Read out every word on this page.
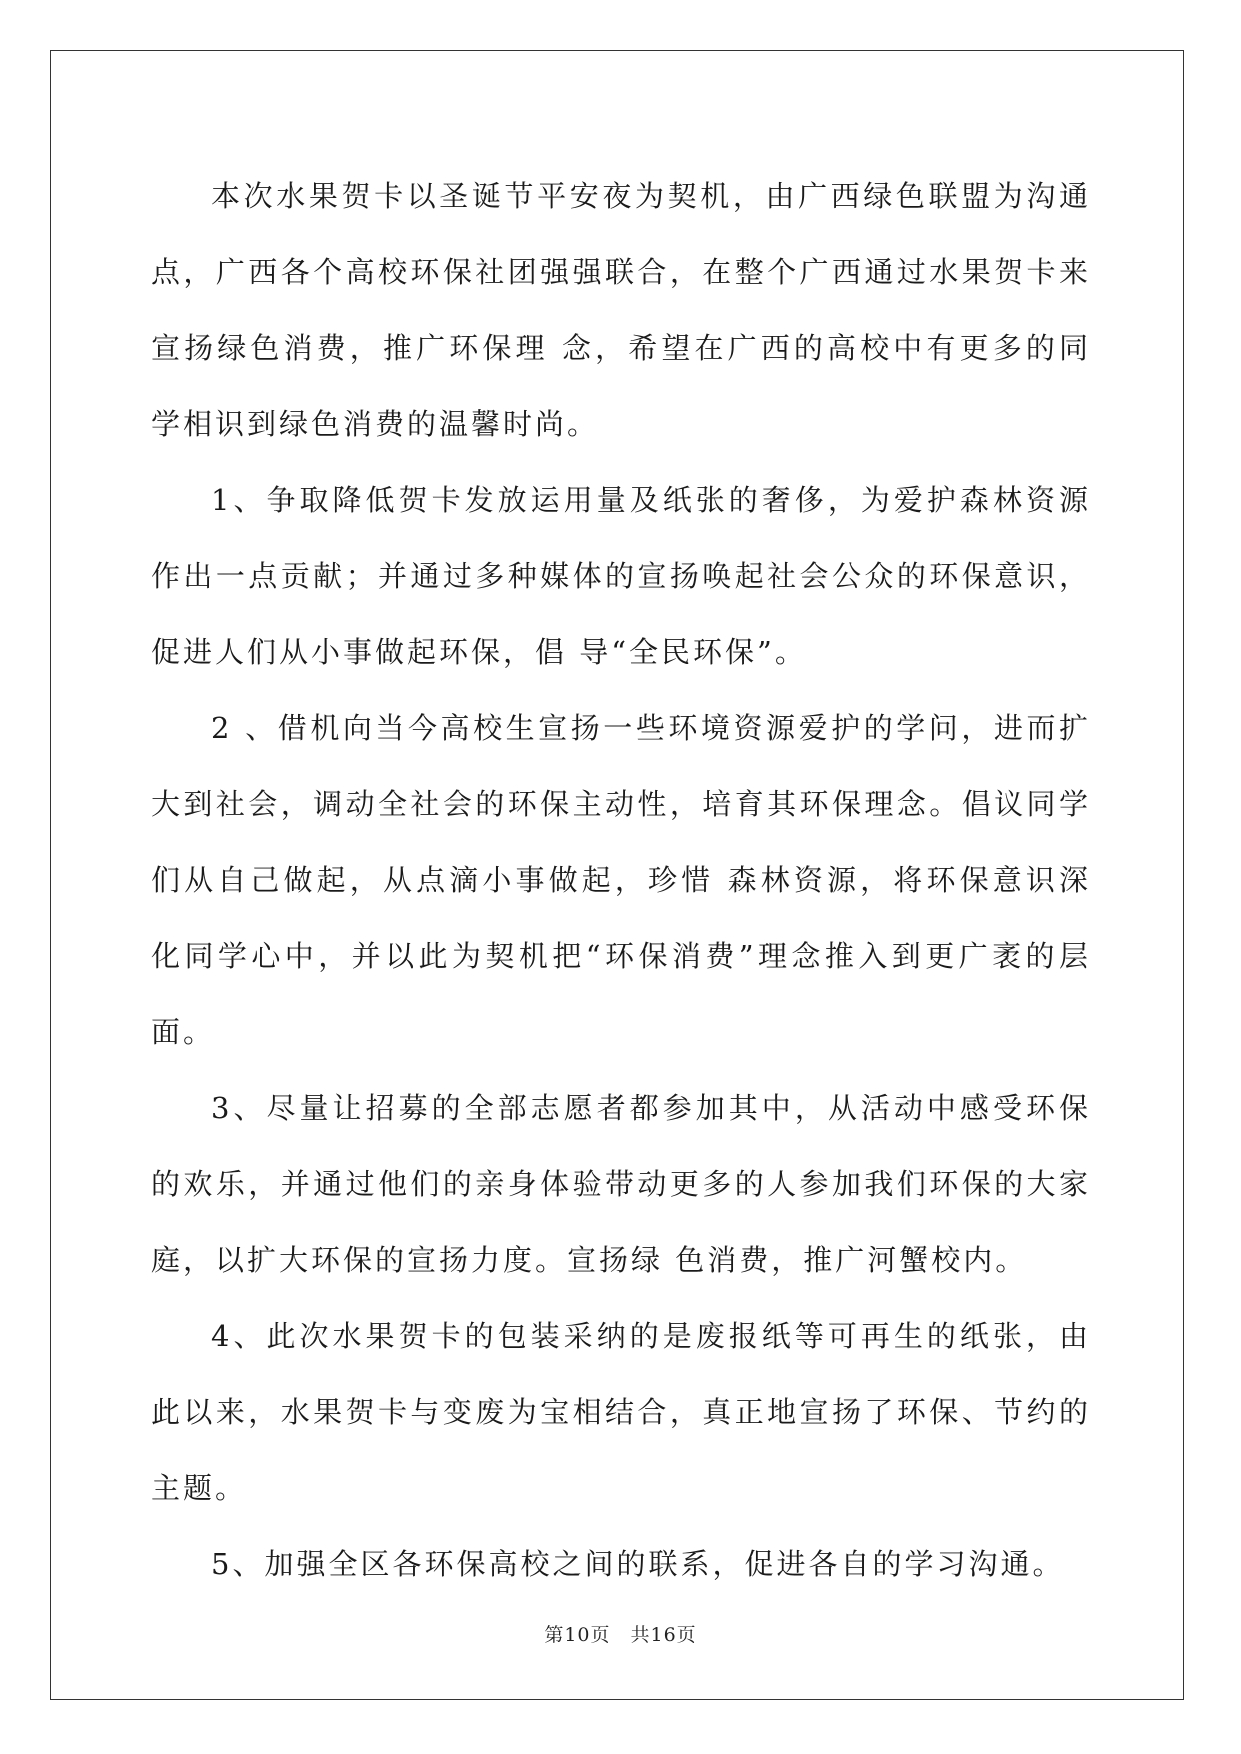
本次水果贺卡以圣诞节平安夜为契机，由广西绿色联盟为沟通点，广西各个高校环保社团强强联合，在整个广西通过水果贺卡来宣扬绿色消费，推广环保理 念，希望在广西的高校中有更多的同学相识到绿色消费的温馨时尚。

1、争取降低贺卡发放运用量及纸张的奢侈，为爱护森林资源作出一点贡献；并通过多种媒体的宣扬唤起社会公众的环保意识，促进人们从小事做起环保，倡 导“全民环保”。

2 、借机向当今高校生宣扬一些环境资源爱护的学问，进而扩大到社会，调动全社会的环保主动性，培育其环保理念。倡议同学们从自己做起，从点滴小事做起，珍惜 森林资源，将环保意识深化同学心中，并以此为契机把“环保消费”理念推入到更广袤的层面。

3、尽量让招募的全部志愿者都参加其中，从活动中感受环保的欢乐，并通过他们的亲身体验带动更多的人参加我们环保的大家庭，以扩大环保的宣扬力度。宣扬绿 色消费，推广河蟹校内。

4、此次水果贺卡的包装采纳的是废报纸等可再生的纸张，由此以来，水果贺卡与变废为宝相结合，真正地宣扬了环保、节约的主题。

5、加强全区各环保高校之间的联系，促进各自的学习沟通。

第10页　共16页
